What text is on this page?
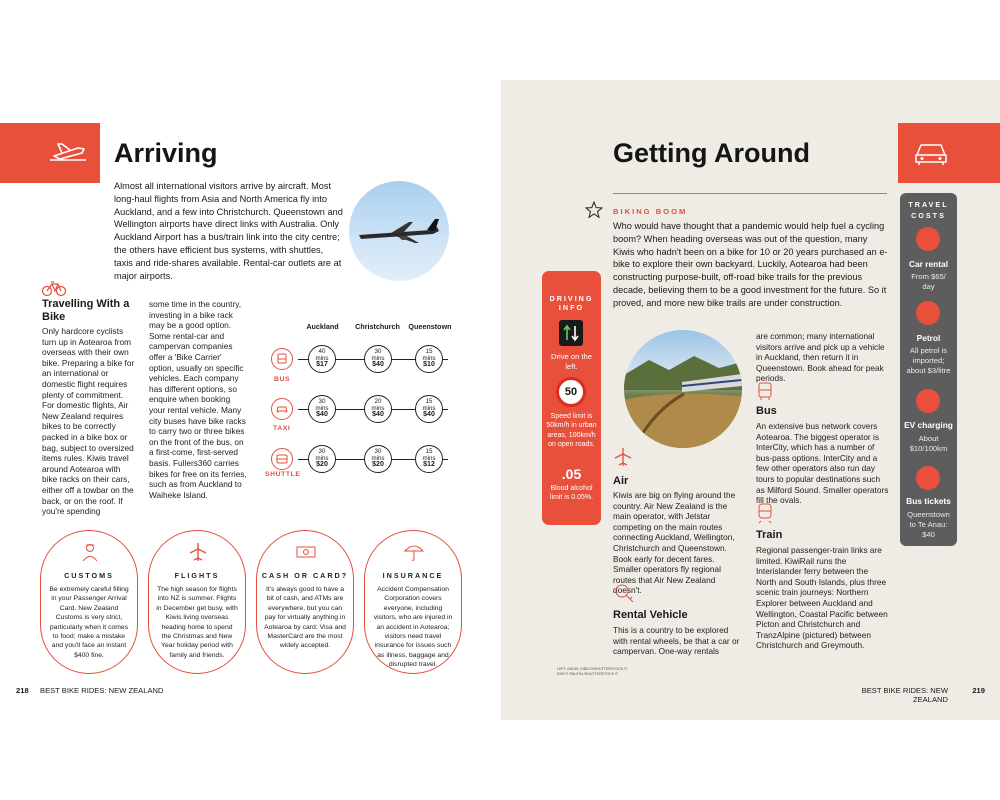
Arriving
Almost all international visitors arrive by aircraft. Most long-haul flights from Asia and North America fly into Auckland, and a few into Christchurch. Queenstown and Wellington airports have direct links with Australia. Only Auckland Airport has a bus/train link into the city centre; the others have efficient bus systems, with shuttles, taxis and ride-shares available. Rental-car outlets are at major airports.
Travelling With a Bike
Only hardcore cyclists turn up in Aotearoa from overseas with their own bike. Preparing a bike for an international or domestic flight requires plenty of commitment. For domestic flights, Air New Zealand requires bikes to be correctly packed in a bike box or bag, subject to oversized items rules. Kiwis travel around Aotearoa with bike racks on their cars, either off a towbar on the back, or on the roof. If you're spending
some time in the country, investing in a bike rack may be a good option. Some rental-car and campervan companies offer a 'Bike Carrier' option, usually on specific vehicles. Each company has different options, so enquire when booking your rental vehicle. Many city buses have bike racks to carry two or three bikes on the front of the bus, on a first-come, first-served basis. Fullers360 carries bikes for free on its ferries, such as from Auckland to Waiheke Island.
Auckland	Christchurch	Queenstown
BUS
TAXI
SHUTTLE
40
mins
$17
30
mins
$40
15
mins
$10
30
mins
$40
20
mins
$40
15
mins
$40
30
mins
$20
30
mins
$20
15
mins
$12
CUSTOMS
Be extremely careful filling in your Passenger Arrival Card. New Zealand Customs is very strict, particularly when it comes to food; make a mistake and you'll face an instant $400 fine.
FLIGHTS
The high season for flights into NZ is summer. Flights in December get busy, with Kiwis living overseas heading home to spend the Christmas and New Year holiday period with family and friends.
CASH OR CARD?
It's always good to have a bit of cash, and ATMs are everywhere, but you can pay for virtually anything in Aotearoa by card: Visa and MasterCard are the most widely accepted.
INSURANCE
Accident Compensation Corporation covers everyone, including visitors, who are injured in an accident in Aotearoa; visitors need travel insurance for issues such as illness, baggage and disrupted travel.
218 BEST BIKE RIDES: NEW ZEALAND
Getting Around
BIKING BOOM
Who would have thought that a pandemic would help fuel a cycling boom? When heading overseas was out of the question, many Kiwis who hadn't been on a bike for 10 or 20 years purchased an e-bike to explore their own backyard. Luckily, Aotearoa had been constructing purpose-built, off-road bike trails for the previous decade, believing them to be a good investment for the future. So it proved, and more new bike trails are under construction.
DRIVING INFO
Drive on the left.
50
Speed limit is 50km/h in urban areas, 100km/h on open roads.
.05
Blood alcohol limit is 0.05%.
Air
Kiwis are big on flying around the country. Air New Zealand is the main operator, with Jetstar competing on the main routes connecting Auckland, Wellington, Christchurch and Queenstown. Book early for decent fares. Smaller operators fly regional routes that Air New Zealand doesn't.
Rental Vehicle
This is a country to be explored with rental wheels, be that a car or campervan. One-way rentals
are common; many international visitors arrive and pick up a vehicle in Auckland, then return it in Queenstown. Book ahead for peak periods.
Bus
An extensive bus network covers Aotearoa. The biggest operator is InterCity, which has a number of bus-pass options. InterCity and a few other operators also run day tours to popular destinations such as Milford Sound. Smaller operators fill the ovals.
Train
Regional passenger-train links are limited. KiwiRail runs the Interislander ferry between the North and South Islands, plus three scenic train journeys: Northern Explorer between Auckland and Wellington, Coastal Pacific between Picton and Christchurch and TranzAlpine (pictured) between Christchurch and Greymouth.
LEFT: ANGEL DIBILIO/SHUTTERSTOCK ©; RIGHT: PAL/PAL/SHUTTERSTOCK ©
TRAVEL COSTS
Car rental
From $65/ day
Petrol
All petrol is imported; about $3/litre
EV charging
About $10/100km
Bus tickets
Queenstown to Te Anau: $40
BEST BIKE RIDES: NEW ZEALAND
219
